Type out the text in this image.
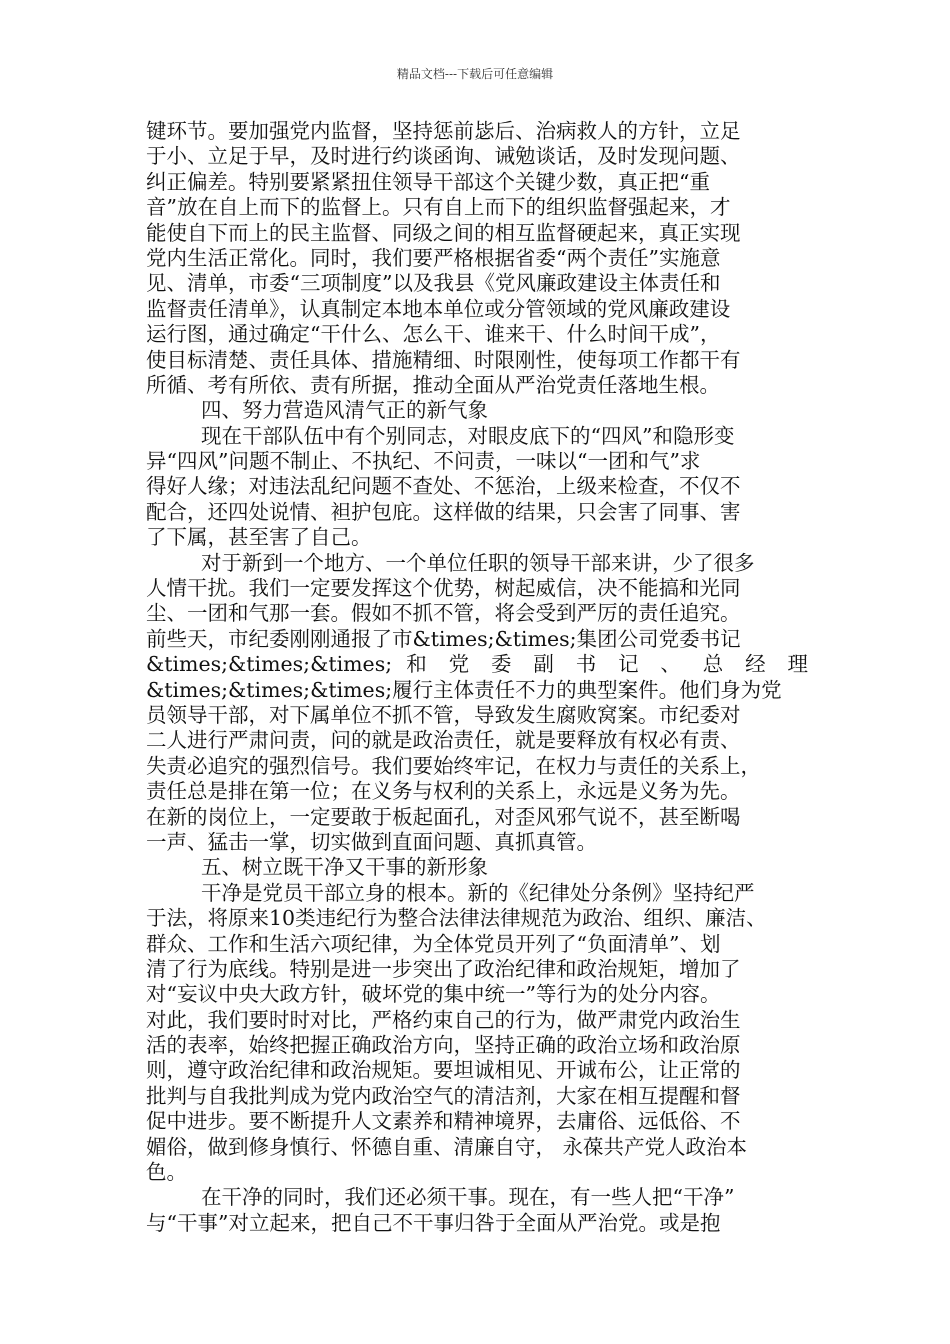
精品文档---下载后可任意编辑
键环节。要加强党内监督，坚持惩前毖后、治病救人的方针，立足
于小、立足于早，及时进行约谈函询、诫勉谈话，及时发现问题、
纠正偏差。特别要紧紧扭住领导干部这个关键少数，真正把“重
音”放在自上而下的监督上。只有自上而下的组织监督强起来，才
能使自下而上的民主监督、同级之间的相互监督硬起来，真正实现
党内生活正常化。同时，我们要严格根据省委“两个责任”实施意
见、清单，市委“三项制度”以及我县《党风廉政建设主体责任和
监督责任清单》，认真制定本地本单位或分管领域的党风廉政建设
运行图，通过确定“干什么、怎么干、谁来干、什么时间干成”，
使目标清楚、责任具体、措施精细、时限刚性，使每项工作都干有
所循、考有所依、责有所据，推动全面从严治党责任落地生根。
四、努力营造风清气正的新气象
现在干部队伍中有个别同志，对眼皮底下的“四风”和隐形变
异“四风”问题不制止、不执纪、不问责，一味以“一团和气”求
得好人缘；对违法乱纪问题不查处、不惩治，上级来检查，不仅不
配合，还四处说情、袒护包庇。这样做的结果，只会害了同事、害
了下属，甚至害了自己。
对于新到一个地方、一个单位任职的领导干部来讲，少了很多
人情干扰。我们一定要发挥这个优势，树起威信，决不能搞和光同
尘、一团和气那一套。假如不抓不管，将会受到严厉的责任追究。
前些天，市纪委刚刚通报了市&times;&times;集团公司党委书记
&times;&times;&times; 和 党 委 副 书 记 、 总 经 理
&times;&times;&times;履行主体责任不力的典型案件。他们身为党
员领导干部，对下属单位不抓不管，导致发生腐败窝案。市纪委对
二人进行严肃问责，问的就是政治责任，就是要释放有权必有责、
失责必追究的强烈信号。我们要始终牢记，在权力与责任的关系上，
责任总是排在第一位；在义务与权利的关系上，永远是义务为先。
在新的岗位上，一定要敢于板起面孔，对歪风邪气说不，甚至断喝
一声、猛击一掌，切实做到直面问题、真抓真管。
五、树立既干净又干事的新形象
干净是党员干部立身的根本。新的《纪律处分条例》坚持纪严
于法，将原来10类违纪行为整合法律法律规范为政治、组织、廉洁、
群众、工作和生活六项纪律，为全体党员开列了“负面清单”、划
清了行为底线。特别是进一步突出了政治纪律和政治规矩，增加了
对“妄议中央大政方针，破坏党的集中统一”等行为的处分内容。
对此，我们要时时对比，严格约束自己的行为，做严肃党内政治生
活的表率，始终把握正确政治方向，坚持正确的政治立场和政治原
则，遵守政治纪律和政治规矩。要坦诚相见、开诚布公，让正常的
批判与自我批判成为党内政治空气的清洁剂，大家在相互提醒和督
促中进步。要不断提升人文素养和精神境界，去庸俗、远低俗、不
媚俗，做到修身慎行、怀德自重、清廉自守， 永葆共产党人政治本
色。
在干净的同时，我们还必须干事。现在，有一些人把“干净”
与“干事”对立起来，把自己不干事归咎于全面从严治党。或是抱
